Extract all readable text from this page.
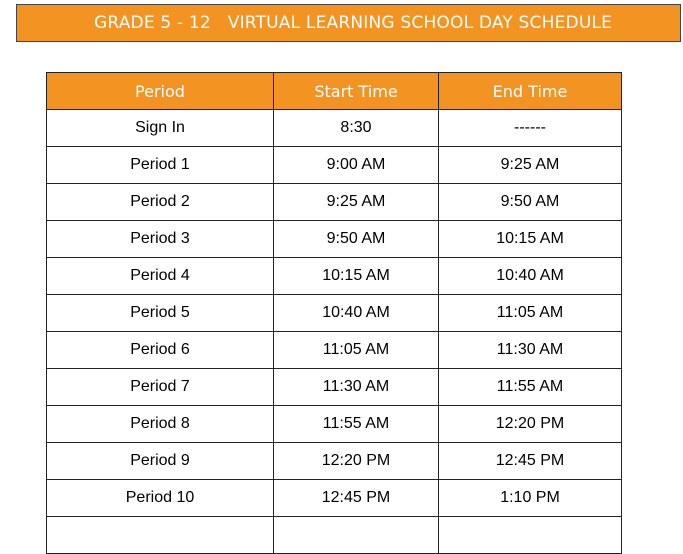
GRADE 5 - 12   VIRTUAL LEARNING SCHOOL DAY SCHEDULE
Period	Start Time	End Time
Sign In	8:30	------
Period 1	9:00 AM	9:25 AM
Period 2	9:25 AM	9:50 AM
Period 3	9:50 AM	10:15 AM
Period 4	10:15 AM	10:40 AM
Period 5	10:40 AM	11:05 AM
Period 6	11:05 AM	11:30 AM
Period 7	11:30 AM	11:55 AM
Period 8	11:55 AM	12:20 PM
Period 9	12:20 PM	12:45 PM
Period 10	12:45 PM	1:10 PM
